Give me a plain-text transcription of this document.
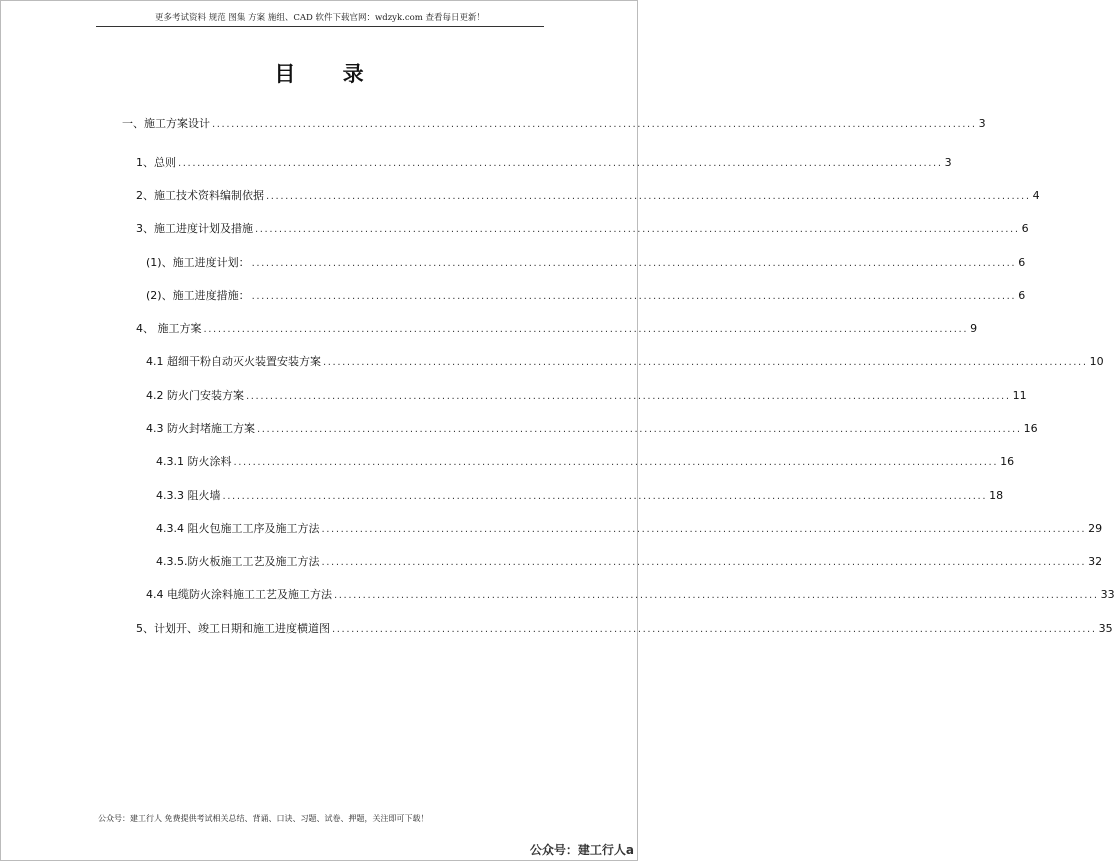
更多考试资料 规范 图集 方案 施组、CAD 软件下载官网：wdzyk.com 查看每日更新！
目 录
一、施工方案设计 ................................................................................................................................................................ 3
1、总则 ................................................................................................................................................................ 3
2、施工技术资料编制依据 ................................................................................................................................................................ 4
3、施工进度计划及措施 ................................................................................................................................................................ 6
(1)、施工进度计划： ................................................................................................................................................................ 6
(2)、施工进度措施： ................................................................................................................................................................ 6
4、 施工方案 ................................................................................................................................................................ 9
4.1 超细干粉自动灭火装置安装方案 ................................................................................................................................................................ 10
4.2 防火门安装方案 ................................................................................................................................................................ 11
4.3 防火封堵施工方案 ................................................................................................................................................................ 16
4.3.1 防火涂料 ................................................................................................................................................................ 16
4.3.3 阻火墙 ................................................................................................................................................................ 18
4.3.4 阻火包施工工序及施工方法 ................................................................................................................................................................ 29
4.3.5.防火板施工工艺及施工方法 ................................................................................................................................................................ 32
4.4 电缆防火涂料施工工艺及施工方法 ................................................................................................................................................................ 33
5、计划开、竣工日期和施工进度横道图 ................................................................................................................................................................ 35
公众号：建工行人 免费提供考试相关总结、背诵、口诀、习题、试卷、押题，关注即可下载！
公众号：建工行人a
